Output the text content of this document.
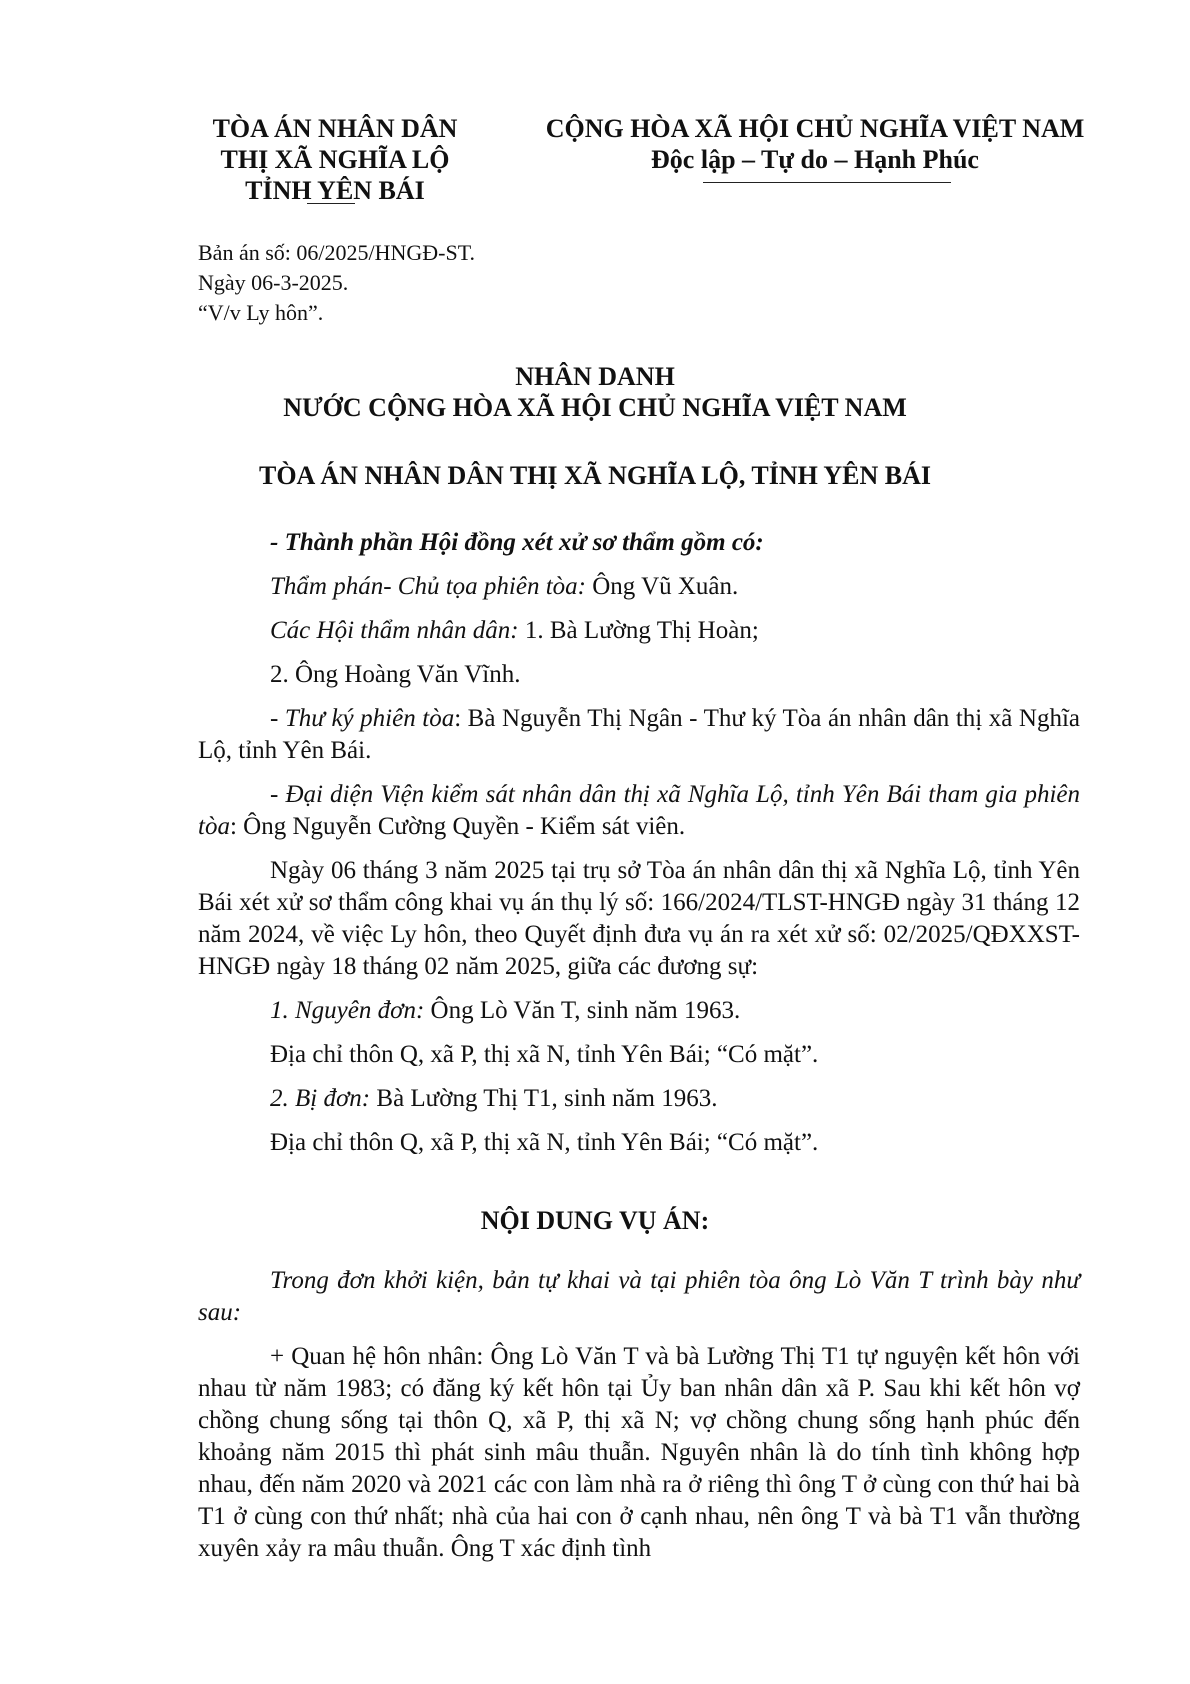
TÒA ÁN NHÂN DÂN

THỊ XÃ NGHĨA LỘ

TỈNH YÊN BÁI

CỘNG HÒA XÃ HỘI CHỦ NGHĨA VIỆT NAM

Độc lập – Tự do – Hạnh Phúc

Bản án số: 06/2025/HNGĐ-ST.
Ngày 06-3-2025.
“V/v Ly hôn”.
NHÂN DANH
NƯỚC CỘNG HÒA XÃ HỘI CHỦ NGHĨA VIỆT NAM
TÒA ÁN NHÂN DÂN THỊ XÃ NGHĨA LỘ, TỈNH YÊN BÁI

- Thành phần Hội đồng xét xử sơ thẩm gồm có:

Thẩm phán- Chủ tọa phiên tòa: Ông Vũ Xuân.

Các Hội thẩm nhân dân: 1. Bà Lường Thị Hoàn;

2. Ông Hoàng Văn Vĩnh.

- Thư ký phiên tòa: Bà Nguyễn Thị Ngân - Thư ký Tòa án nhân dân thị xã Nghĩa Lộ, tỉnh Yên Bái.

- Đại diện Viện kiểm sát nhân dân thị xã Nghĩa Lộ, tỉnh Yên Bái tham gia phiên tòa: Ông Nguyễn Cường Quyền - Kiểm sát viên.

Ngày 06 tháng 3 năm 2025 tại trụ sở Tòa án nhân dân thị xã Nghĩa Lộ, tỉnh Yên Bái xét xử sơ thẩm công khai vụ án thụ lý số: 166/2024/TLST-HNGĐ ngày 31 tháng 12 năm 2024, về việc Ly hôn, theo Quyết định đưa vụ án ra xét xử số: 02/2025/QĐXXST-HNGĐ ngày 18 tháng 02 năm 2025, giữa các đương sự:

1. Nguyên đơn: Ông Lò Văn T, sinh năm 1963.

Địa chỉ thôn Q, xã P, thị xã N, tỉnh Yên Bái; “Có mặt”.

2. Bị đơn: Bà Lường Thị T1, sinh năm 1963.

Địa chỉ thôn Q, xã P, thị xã N, tỉnh Yên Bái; “Có mặt”.

NỘI DUNG VỤ ÁN:

Trong đơn khởi kiện, bản tự khai và tại phiên tòa ông Lò Văn T trình bày như sau:

+ Quan hệ hôn nhân: Ông Lò Văn T và bà Lường Thị T1 tự nguyện kết hôn với nhau từ năm 1983; có đăng ký kết hôn tại Ủy ban nhân dân xã P. Sau khi kết hôn vợ chồng chung sống tại thôn Q, xã P, thị xã N; vợ chồng chung sống hạnh phúc đến khoảng năm 2015 thì phát sinh mâu thuẫn. Nguyên nhân là do tính tình không hợp nhau, đến năm 2020 và 2021 các con làm nhà ra ở riêng thì ông T ở cùng con thứ hai bà T1 ở cùng con thứ nhất; nhà của hai con ở cạnh nhau, nên ông T và bà T1 vẫn thường xuyên xảy ra mâu thuẫn. Ông T xác định tình
